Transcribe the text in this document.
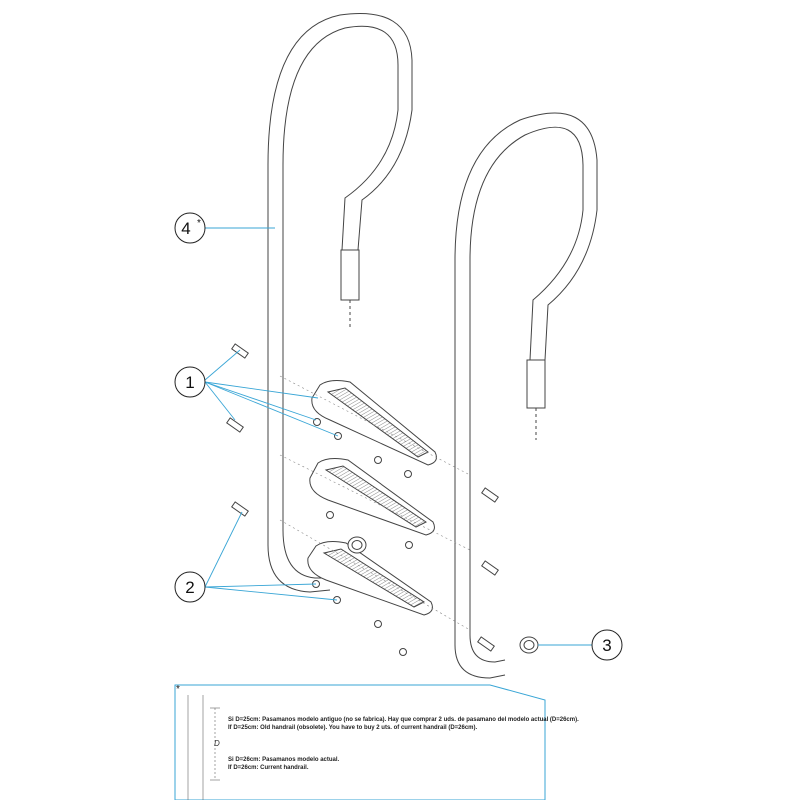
4 *
1
2
3
*
D
Si D=25cm: Pasamanos modelo antiguo (no se fabrica). Hay que comprar 2 uds. de pasamano del modelo actual (D=26cm).
If D=25cm: Old handrail (obsolete). You have to buy 2 uts. of current handrail (D=26cm).
Si D=26cm: Pasamanos modelo actual.
If D=26cm: Current handrail.
